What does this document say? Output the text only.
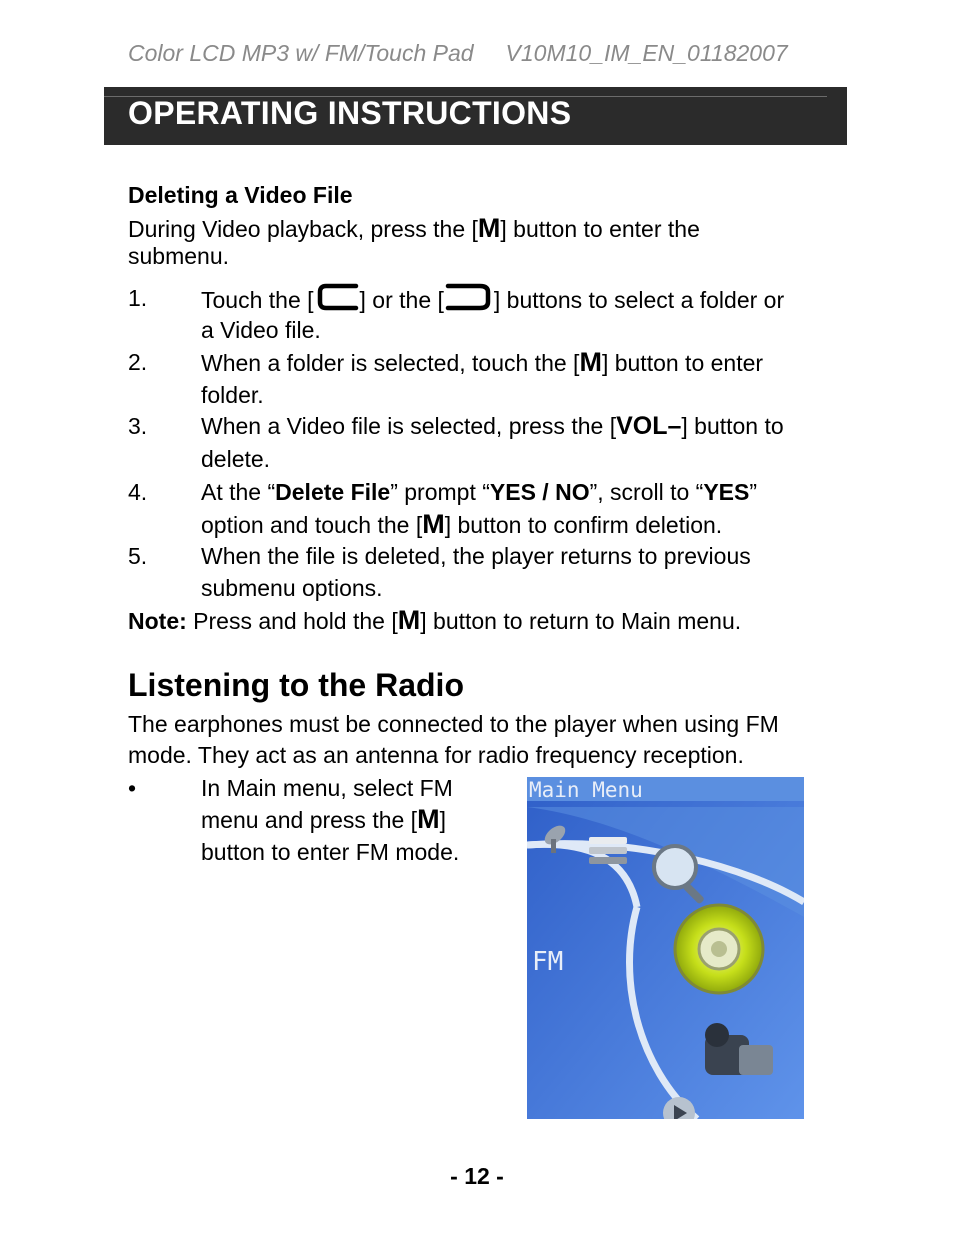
Color LCD MP3 w/ FM/Touch Pad V10M10_IM_EN_01182007
OPERATING INSTRUCTIONS
Deleting a Video File
During Video playback, press the [M] button to enter the
submenu.
1. Touch the [ ] or the [ ] buttons to select a folder or
a Video file.
2. When a folder is selected, touch the [M] button to enter
folder.
3. When a Video file is selected, press the [VOL–] button to
delete.
4. At the “Delete File” prompt “YES / NO”, scroll to “YES”
option and touch the [M] button to confirm deletion.
5. When the file is deleted, the player returns to previous
submenu options.
Note: Press and hold the [M] button to return to Main menu.
Listening to the Radio
The earphones must be connected to the player when using FM
mode. They act as an antenna for radio frequency reception.
•	In Main menu, select FM
menu and press the [M]
button to enter FM mode.
Main Menu
FM
- 12 -
